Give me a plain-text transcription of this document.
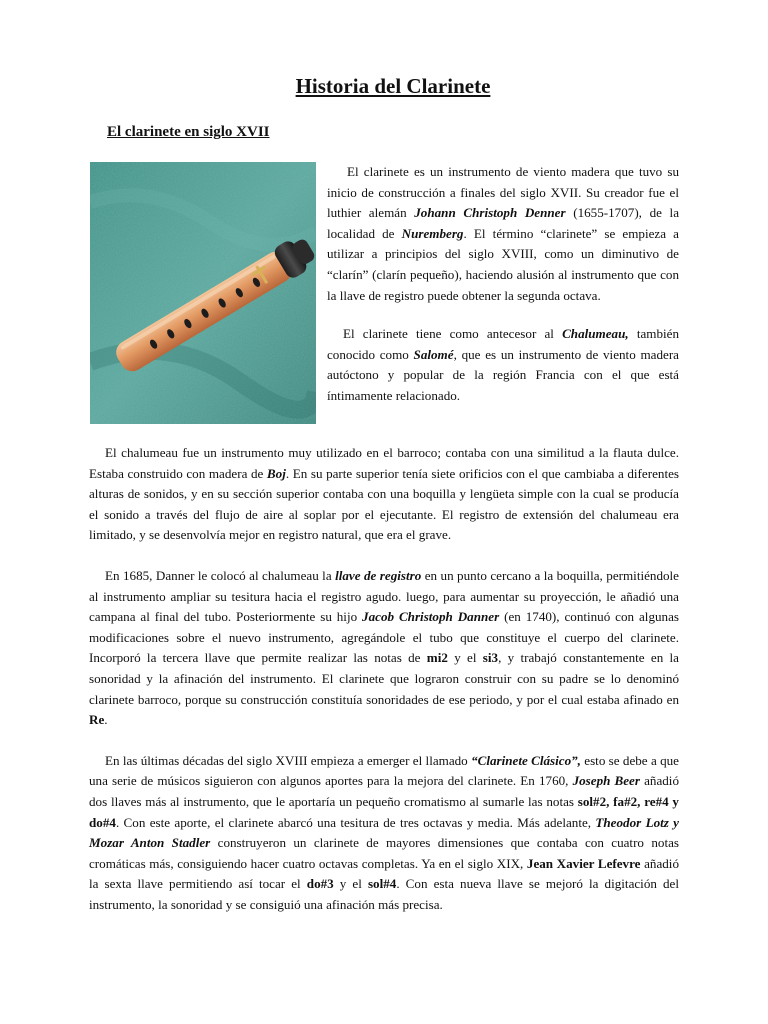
Historia del Clarinete
El clarinete en siglo XVII

El clarinete es un instrumento de viento madera que tuvo su inicio de construcción a finales del siglo XVII. Su creador fue el luthier alemán Johann Christoph Denner (1655-1707), de la localidad de Nuremberg. El término “clarinete” se empieza a utilizar a principios del siglo XVIII, como un diminutivo de “clarín” (clarín pequeño), haciendo alusión al instrumento que con la llave de registro puede obtener la segunda octava.

El clarinete tiene como antecesor al Chalumeau, también conocido como Salomé, que es un instrumento de viento madera autóctono y popular de la región Francia con el que está íntimamente relacionado.

El chalumeau fue un instrumento muy utilizado en el barroco; contaba con una similitud a la flauta dulce. Estaba construido con madera de Boj. En su parte superior tenía siete orificios con el que cambiaba a diferentes alturas de sonidos, y en su sección superior contaba con una boquilla y lengüeta simple con la cual se producía el sonido a través del flujo de aire al soplar por el ejecutante. El registro de extensión del chalumeau era limitado, y se desenvolvía mejor en registro natural, que era el grave.

En 1685, Danner le colocó al chalumeau la llave de registro en un punto cercano a la boquilla, permitiéndole al instrumento ampliar su tesitura hacia el registro agudo. luego, para aumentar su proyección, le añadió una campana al final del tubo. Posteriormente su hijo Jacob Christoph Danner (en 1740), continuó con algunas modificaciones sobre el nuevo instrumento, agregándole el tubo que constituye el cuerpo del clarinete. Incorporó la tercera llave que permite realizar las notas de mi2 y el si3, y trabajó constantemente en la sonoridad y la afinación del instrumento. El clarinete que lograron construir con su padre se lo denominó clarinete barroco, porque su construcción constituía sonoridades de ese periodo, y por el cual estaba afinado en Re.

En las últimas décadas del siglo XVIII empieza a emerger el llamado “Clarinete Clásico”, esto se debe a que una serie de músicos siguieron con algunos aportes para la mejora del clarinete. En 1760, Joseph Beer añadió dos llaves más al instrumento, que le aportaría un pequeño cromatismo al sumarle las notas sol#2, fa#2, re#4 y do#4. Con este aporte, el clarinete abarcó una tesitura de tres octavas y media. Más adelante, Theodor Lotz y Mozar Anton Stadler construyeron un clarinete de mayores dimensiones que contaba con cuatro notas cromáticas más, consiguiendo hacer cuatro octavas completas. Ya en el siglo XIX, Jean Xavier Lefevre añadió la sexta llave permitiendo así tocar el do#3 y el sol#4. Con esta nueva llave se mejoró la digitación del instrumento, la sonoridad y se consiguió una afinación más precisa.
